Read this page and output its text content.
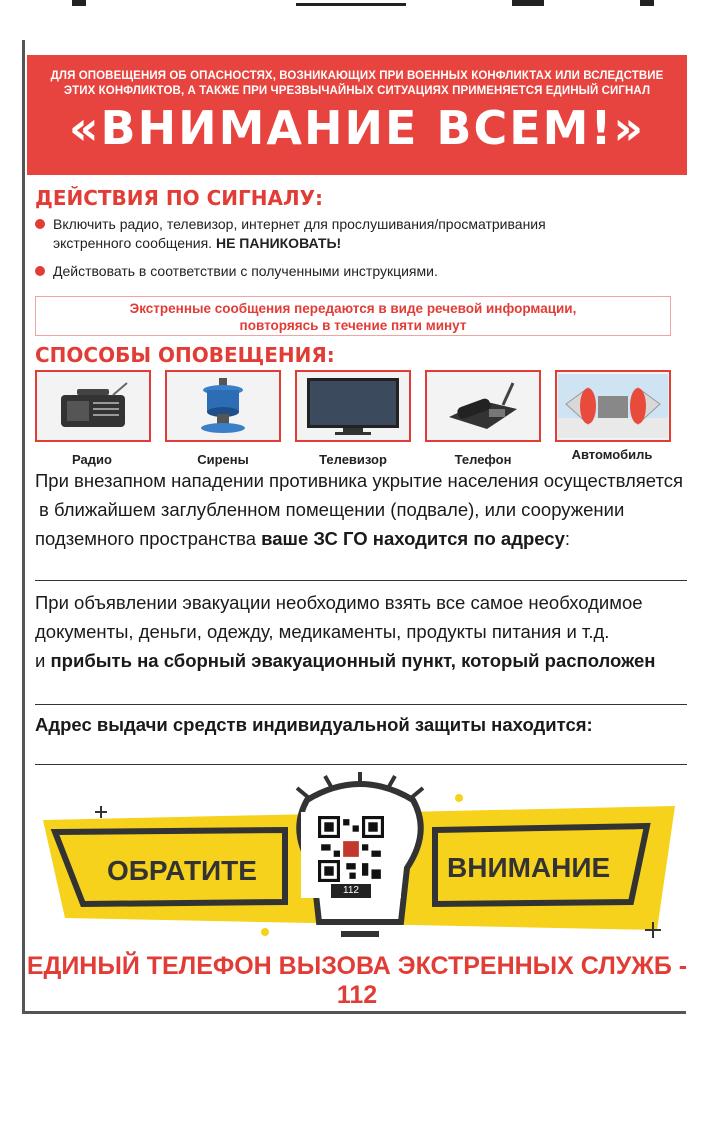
ДЛЯ ОПОВЕЩЕНИЯ ОБ ОПАСНОСТЯХ, ВОЗНИКАЮЩИХ ПРИ ВОЕННЫХ КОНФЛИКТАХ ИЛИ ВСЛЕДСТВИЕ
ЭТИХ КОНФЛИКТОВ, А ТАКЖЕ ПРИ ЧРЕЗВЫЧАЙНЫХ СИТУАЦИЯХ ПРИМЕНЯЕТСЯ ЕДИНЫЙ СИГНАЛ
«ВНИМАНИЕ ВСЕМ!»
ДЕЙСТВИЯ ПО СИГНАЛУ:
Включить радио, телевизор, интернет для прослушивания/просматривания
экстренного сообщения. НЕ ПАНИКОВАТЬ!
Действовать в соответствии с полученными инструкциями.
Экстренные сообщения передаются в виде речевой информации,
повторяясь в течение пяти минут
СПОСОБЫ ОПОВЕЩЕНИЯ:
Радио	Сирены	Телевизор	Телефон	Автомобиль
При внезапном нападении противника укрытие населения осуществляется
в ближайшем заглубленном помещении (подвале), или сооружении
подземного пространства ваше ЗС ГО находится по адресу:
При объявлении эвакуации необходимо взять все самое необходимое
документы, деньги, одежду, медикаменты, продукты питания и т.д.
и прибыть на сборный эвакуационный пункт, который расположен
Адрес выдачи средств индивидуальной защиты находится:
112
ОБРАТИТЕ	ВНИМАНИЕ
ЕДИНЫЙ ТЕЛЕФОН ВЫЗОВА ЭКСТРЕННЫХ СЛУЖБ - 112
